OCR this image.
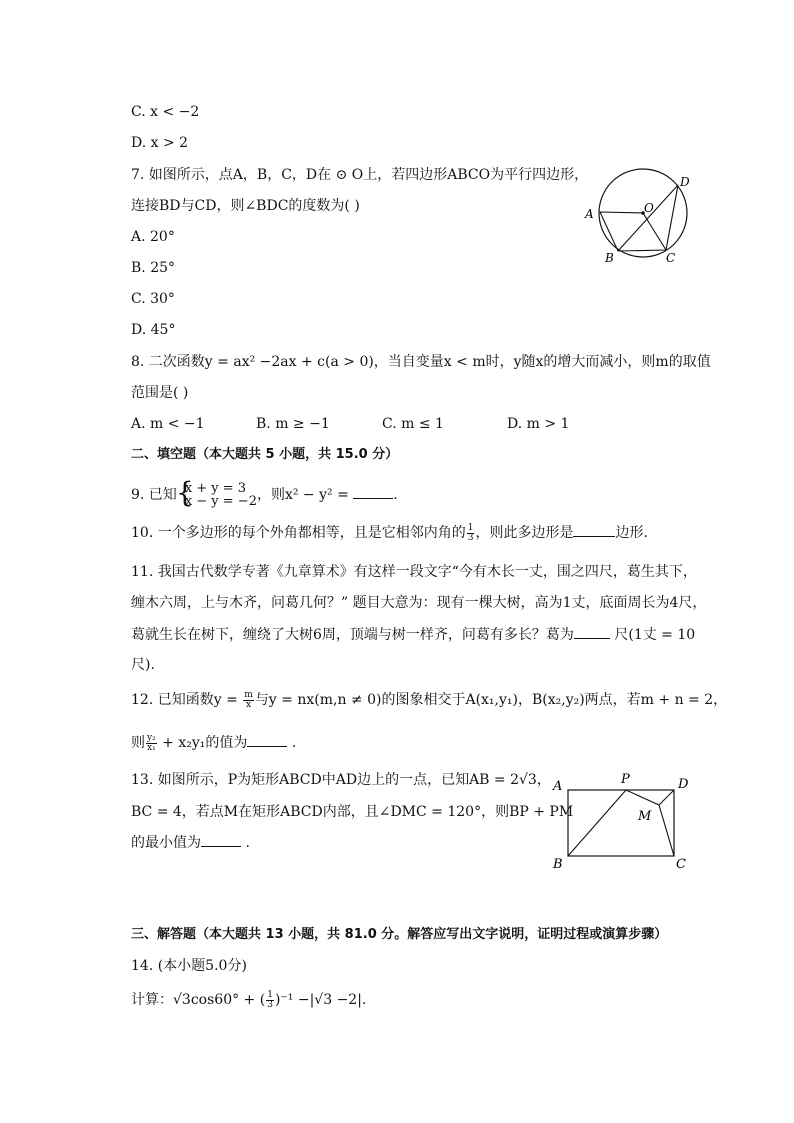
C. x < −2
D. x > 2
7. 如图所示，点A，B，C，D在 ⊙ O上，若四边形ABCO为平行四边形，
连接BD与CD，则∠BDC的度数为( )
A. 20°
B. 25°
C. 30°
D. 45°
A
B	C
D
O
8. 二次函数y = ax² −2ax + c(a > 0)，当自变量x < m时，y随x的增大而减小，则m的取值
范围是( )
A. m < −1	B. m ≥ −1	C. m ≤ 1	D. m > 1
二、填空题（本大题共 5 小题，共 15.0 分）
9. 已知
{ x + y = 3
x − y = −2 ，则x² − y² =	.
10. 一个多边形的每个外角都相等，且是它相邻内角的 $\frac{1}{3}$ ，则此多边形是	边形.
11. 我国古代数学专著《九章算术》有这样一段文字“今有木长一丈，围之四尺，葛生其下，
缠木六周，上与木齐，问葛几何？” 题目大意为：现有一棵大树，高为1丈，底面周长为4尺，
葛就生长在树下，缠绕了大树6周，顶端与树一样齐，问葛有多长？葛为	尺(1丈 = 10
尺).
12. 已知函数$y = \frac{m}{x}$ 与y = nx(m,n ≠ 0)的图象相交于A(x₁,y₁)，B(x₂,y₂)两点，若m + n = 2，
则 $\frac{\text{y₂}}{\text{x₁}} + x_2y_1$的值为	.
13. 如图所示，P为矩形ABCD中AD边上的一点，已知AB = 2√3，
BC = 4，若点M在矩形ABCD内部，且∠DMC = 120°，则BP + PM
的最小值为	.
A
B	C
D
P
M
三、解答题（本大题共 13 小题，共 81.0 分。解答应写出文字说明，证明过程或演算步骤）
14. (本小题5.0分)
计算：√3cos60° + ( $\frac{1}{3} )^{-1} -|√3 -2|$.
